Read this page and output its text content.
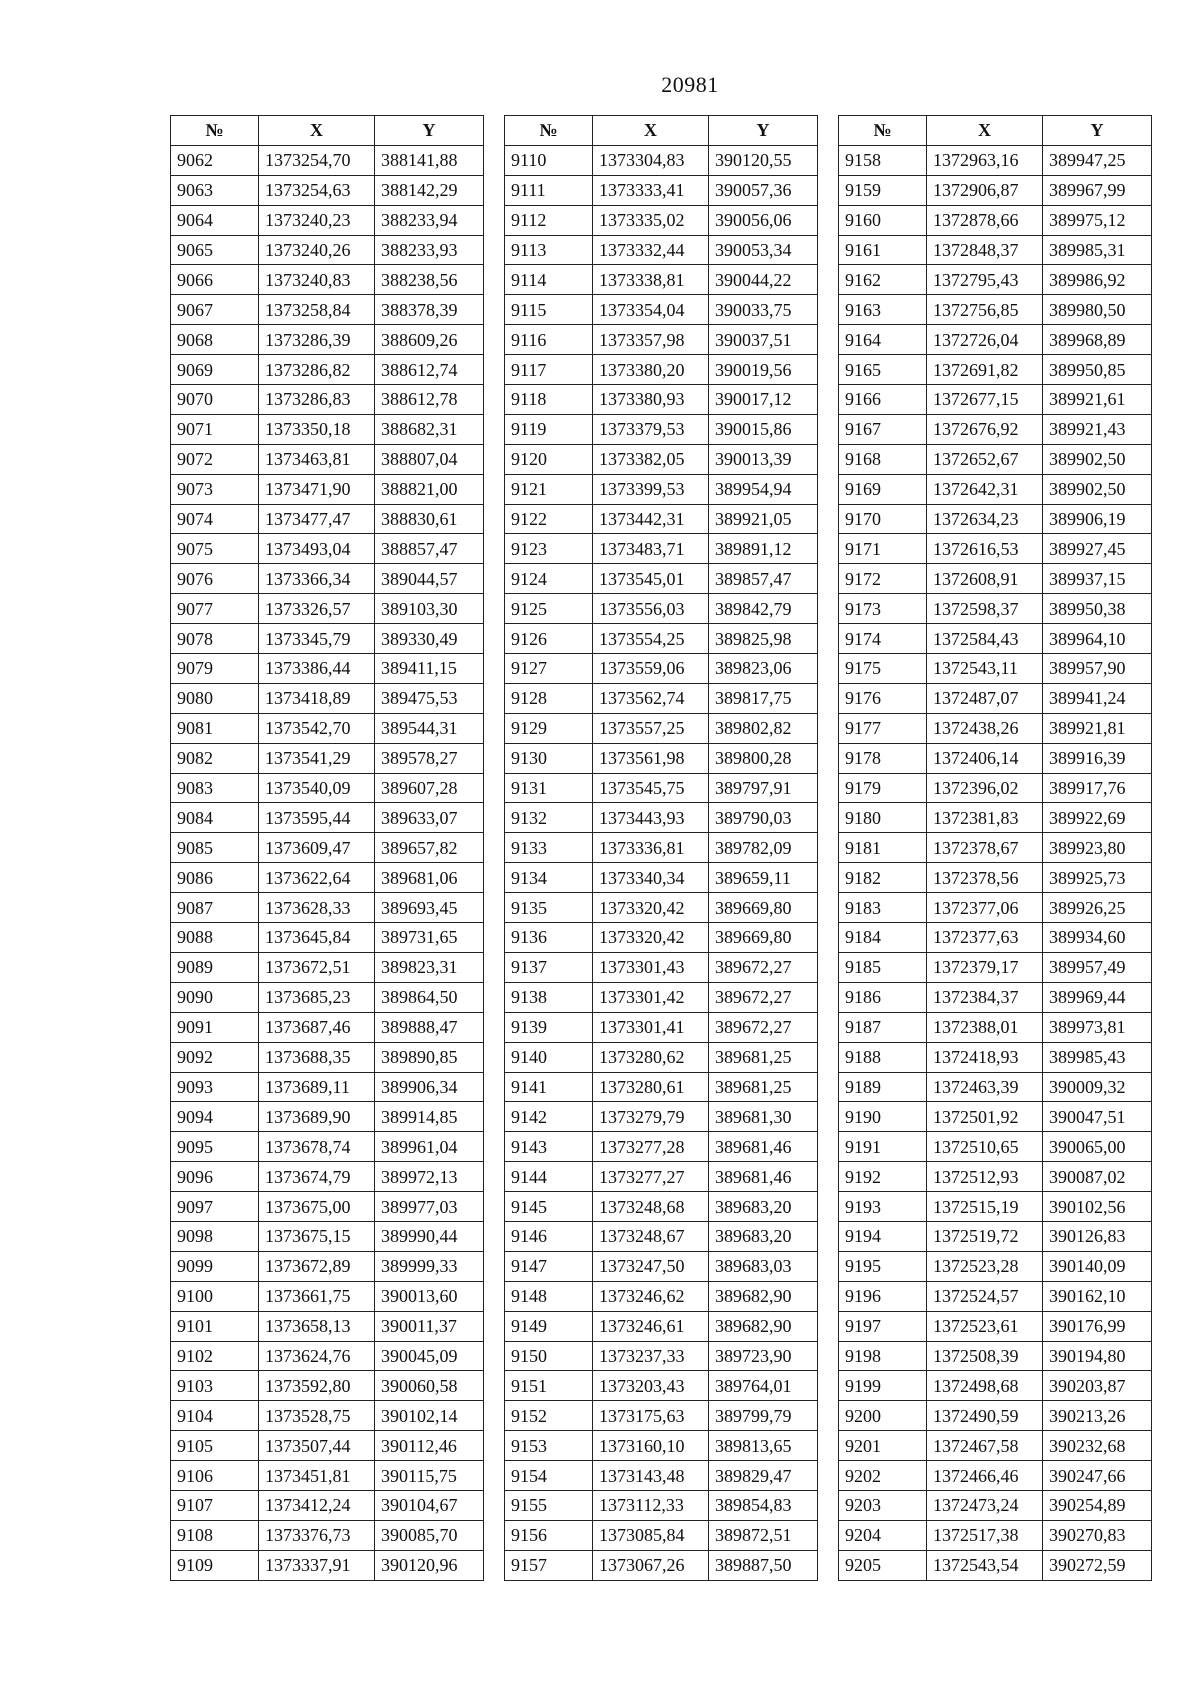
20981
№	X	Y
9062	1373254,70	388141,88
9063	1373254,63	388142,29
9064	1373240,23	388233,94
9065	1373240,26	388233,93
9066	1373240,83	388238,56
9067	1373258,84	388378,39
9068	1373286,39	388609,26
9069	1373286,82	388612,74
9070	1373286,83	388612,78
9071	1373350,18	388682,31
9072	1373463,81	388807,04
9073	1373471,90	388821,00
9074	1373477,47	388830,61
9075	1373493,04	388857,47
9076	1373366,34	389044,57
9077	1373326,57	389103,30
9078	1373345,79	389330,49
9079	1373386,44	389411,15
9080	1373418,89	389475,53
9081	1373542,70	389544,31
9082	1373541,29	389578,27
9083	1373540,09	389607,28
9084	1373595,44	389633,07
9085	1373609,47	389657,82
9086	1373622,64	389681,06
9087	1373628,33	389693,45
9088	1373645,84	389731,65
9089	1373672,51	389823,31
9090	1373685,23	389864,50
9091	1373687,46	389888,47
9092	1373688,35	389890,85
9093	1373689,11	389906,34
9094	1373689,90	389914,85
9095	1373678,74	389961,04
9096	1373674,79	389972,13
9097	1373675,00	389977,03
9098	1373675,15	389990,44
9099	1373672,89	389999,33
9100	1373661,75	390013,60
9101	1373658,13	390011,37
9102	1373624,76	390045,09
9103	1373592,80	390060,58
9104	1373528,75	390102,14
9105	1373507,44	390112,46
9106	1373451,81	390115,75
9107	1373412,24	390104,67
9108	1373376,73	390085,70
9109	1373337,91	390120,96
№	X	Y
9110	1373304,83	390120,55
9111	1373333,41	390057,36
9112	1373335,02	390056,06
9113	1373332,44	390053,34
9114	1373338,81	390044,22
9115	1373354,04	390033,75
9116	1373357,98	390037,51
9117	1373380,20	390019,56
9118	1373380,93	390017,12
9119	1373379,53	390015,86
9120	1373382,05	390013,39
9121	1373399,53	389954,94
9122	1373442,31	389921,05
9123	1373483,71	389891,12
9124	1373545,01	389857,47
9125	1373556,03	389842,79
9126	1373554,25	389825,98
9127	1373559,06	389823,06
9128	1373562,74	389817,75
9129	1373557,25	389802,82
9130	1373561,98	389800,28
9131	1373545,75	389797,91
9132	1373443,93	389790,03
9133	1373336,81	389782,09
9134	1373340,34	389659,11
9135	1373320,42	389669,80
9136	1373320,42	389669,80
9137	1373301,43	389672,27
9138	1373301,42	389672,27
9139	1373301,41	389672,27
9140	1373280,62	389681,25
9141	1373280,61	389681,25
9142	1373279,79	389681,30
9143	1373277,28	389681,46
9144	1373277,27	389681,46
9145	1373248,68	389683,20
9146	1373248,67	389683,20
9147	1373247,50	389683,03
9148	1373246,62	389682,90
9149	1373246,61	389682,90
9150	1373237,33	389723,90
9151	1373203,43	389764,01
9152	1373175,63	389799,79
9153	1373160,10	389813,65
9154	1373143,48	389829,47
9155	1373112,33	389854,83
9156	1373085,84	389872,51
9157	1373067,26	389887,50
№	X	Y
9158	1372963,16	389947,25
9159	1372906,87	389967,99
9160	1372878,66	389975,12
9161	1372848,37	389985,31
9162	1372795,43	389986,92
9163	1372756,85	389980,50
9164	1372726,04	389968,89
9165	1372691,82	389950,85
9166	1372677,15	389921,61
9167	1372676,92	389921,43
9168	1372652,67	389902,50
9169	1372642,31	389902,50
9170	1372634,23	389906,19
9171	1372616,53	389927,45
9172	1372608,91	389937,15
9173	1372598,37	389950,38
9174	1372584,43	389964,10
9175	1372543,11	389957,90
9176	1372487,07	389941,24
9177	1372438,26	389921,81
9178	1372406,14	389916,39
9179	1372396,02	389917,76
9180	1372381,83	389922,69
9181	1372378,67	389923,80
9182	1372378,56	389925,73
9183	1372377,06	389926,25
9184	1372377,63	389934,60
9185	1372379,17	389957,49
9186	1372384,37	389969,44
9187	1372388,01	389973,81
9188	1372418,93	389985,43
9189	1372463,39	390009,32
9190	1372501,92	390047,51
9191	1372510,65	390065,00
9192	1372512,93	390087,02
9193	1372515,19	390102,56
9194	1372519,72	390126,83
9195	1372523,28	390140,09
9196	1372524,57	390162,10
9197	1372523,61	390176,99
9198	1372508,39	390194,80
9199	1372498,68	390203,87
9200	1372490,59	390213,26
9201	1372467,58	390232,68
9202	1372466,46	390247,66
9203	1372473,24	390254,89
9204	1372517,38	390270,83
9205	1372543,54	390272,59
